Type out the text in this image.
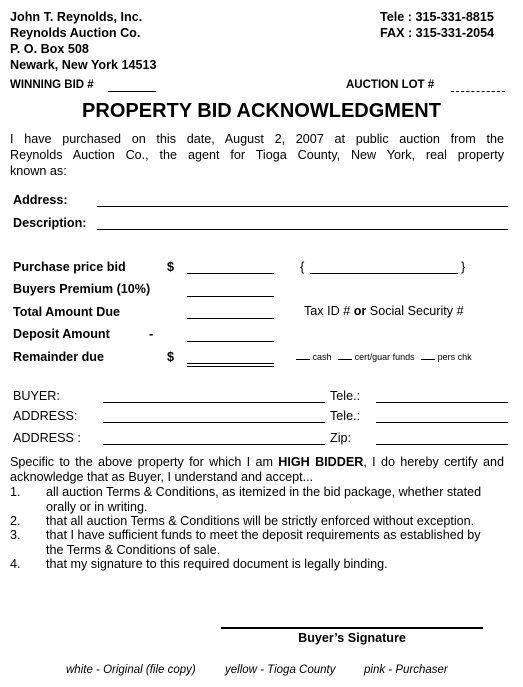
John T. Reynolds, Inc.
Reynolds Auction Co.
P. O. Box 508
Newark, New York 14513
Tele : 315-331-8815
FAX : 315-331-2054
WINNING BID #	AUCTION LOT #
PROPERTY BID ACKNOWLEDGMENT
I have purchased on this date, August 2, 2007 at public auction from the
Reynolds Auction Co., the agent for Tioga County, New York, real property
known as:
Address:
Description:
Purchase price bid	$	{	}
Buyers Premium (10%)
Total Amount Due	Tax ID # or Social Security #
Deposit Amount	-
Remainder due	$	cash	cert/guar funds	pers chk
BUYER:	Tele.:
ADDRESS:	Tele.:
ADDRESS :	Zip:
Specific to the above property for which I am HIGH BIDDER, I do hereby certify and
acknowledge that as Buyer, I understand and accept...
1. all auction Terms & Conditions, as itemized in the bid package, whether stated
orally or in writing.
2. that all auction Terms & Conditions will be strictly enforced without exception.
3. that I have sufficient funds to meet the deposit requirements as established by
the Terms & Conditions of sale.
4. that my signature to this required document is legally binding.
Buyer’s Signature
white - Original (file copy)	yellow - Tioga County pink - Purchaser
